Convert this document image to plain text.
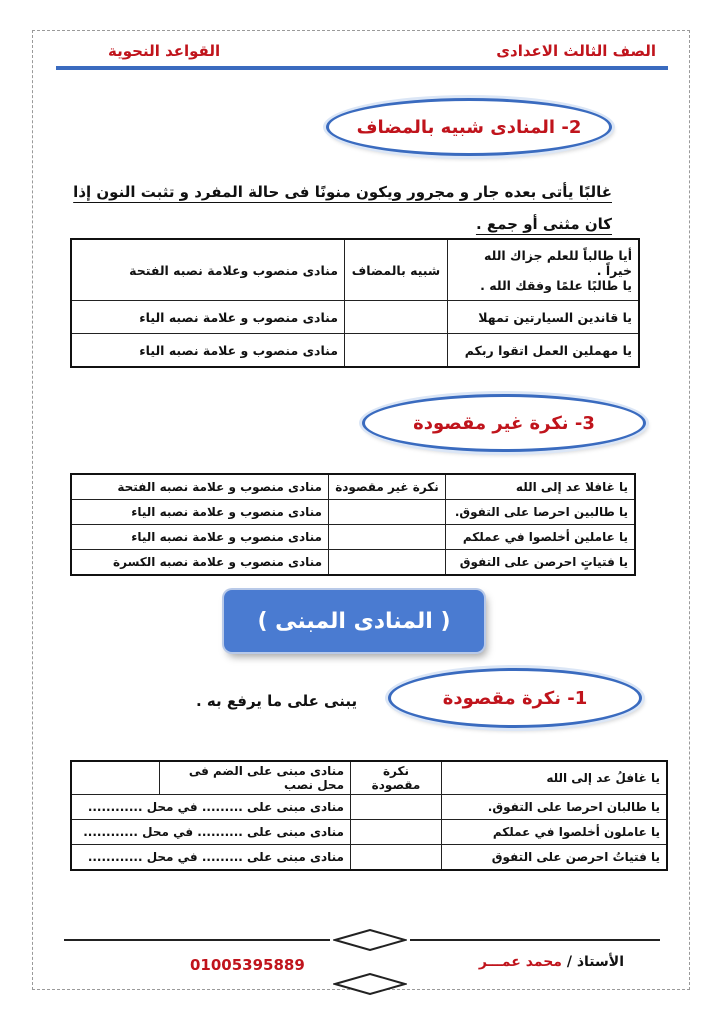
الصف الثالث الاعدادى
القواعد النحوية
2- المنادى شبيه بالمضاف
غالبًا يأتى بعده جار و مجرور ويكون منونًا فى حالة المفرد و تثبت النون إذا
كان مثنى أو جمع .
أيا طالباً للعلم جزاك الله خيراً .
يا طالبًا علمًا وفقك الله .	شبيه بالمضاف	منادى منصوب وعلامة نصبه الفتحة
يا قاندين السيارتين تمهلا		منادى منصوب و علامة نصبه الياء
يا مهملين العمل اتقوا ربكم		منادى منصوب و علامة نصبه الياء
3- نكرة غير مقصودة
يا غافلا عد إلى الله	نكرة غير مقصودة	منادى منصوب و علامة نصبه الفتحة
يا طالبين احرصا على التفوق.		منادى منصوب و علامة نصبه الياء
يا عاملين أخلصوا في عملكم		منادى منصوب و علامة نصبه الياء
يا فتياتٍ احرصن على التفوق		منادى منصوب و علامة نصبه الكسرة
( المنادى المبنى )
1- نكرة مقصودة
يبنى على ما يرفع به .
يا غافلُ عد إلى الله	نكرة مقصودة	منادى مبنى على الضم فى محل نصب	
يا طالبان احرصا على التفوق.		منادى مبنى على ......... في محل ............	
يا عاملون أخلصوا في عملكم		منادى مبنى على .......... في محل ............	
يا فتياتُ احرصن على التفوق		منادى مبنى على ......... في محل ............	
01005395889	الأستاذ / محمد عمـــر
